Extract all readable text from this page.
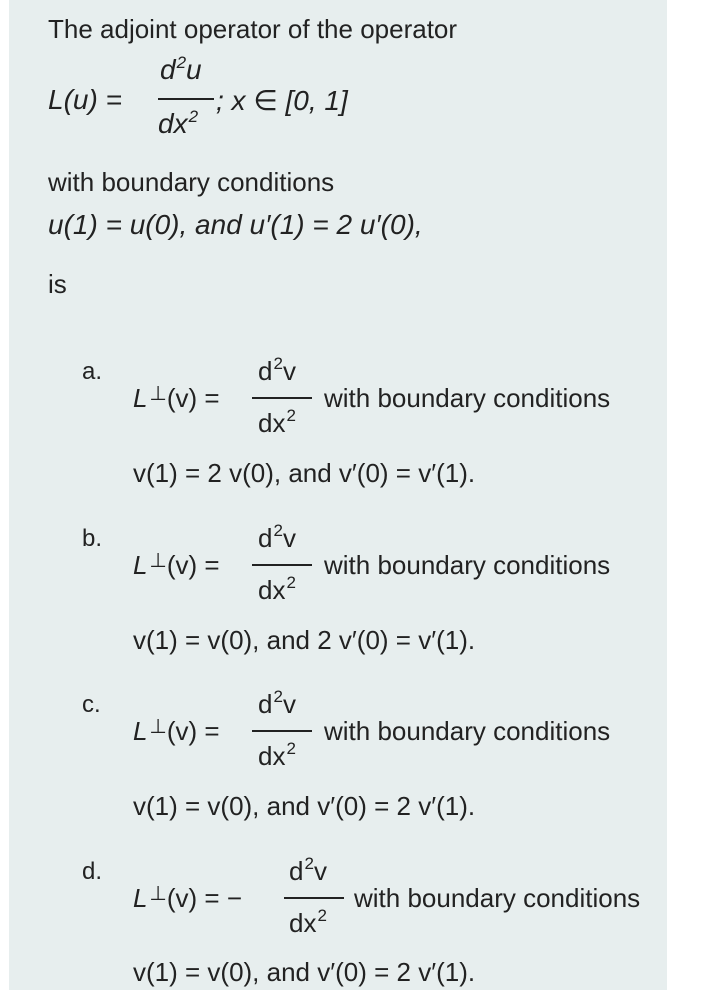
The adjoint operator of the operator
L(u) =
$d^2u$
$dx^2$
; x ∈ [0, 1]
with boundary conditions
u(1) = u(0), and u′(1) = 2 u′(0),
is
a.
L ⊥(v) =
$d^2v$
$dx^2$
with boundary conditions
v(1) = 2 v(0), and v′(0) = v′(1).
b.
L ⊥(v) =
$d^2v$
$dx^2$
with boundary conditions
v(1) = v(0), and 2 v′(0) = v′(1).
c.
L ⊥(v) =
$d^2v$
$dx^2$
with boundary conditions
v(1) = v(0), and v′(0) = 2 v′(1).
d.
L ⊥(v) = −
$d^2v$
$dx^2$
with boundary conditions
v(1) = v(0), and v′(0) = 2 v′(1).
